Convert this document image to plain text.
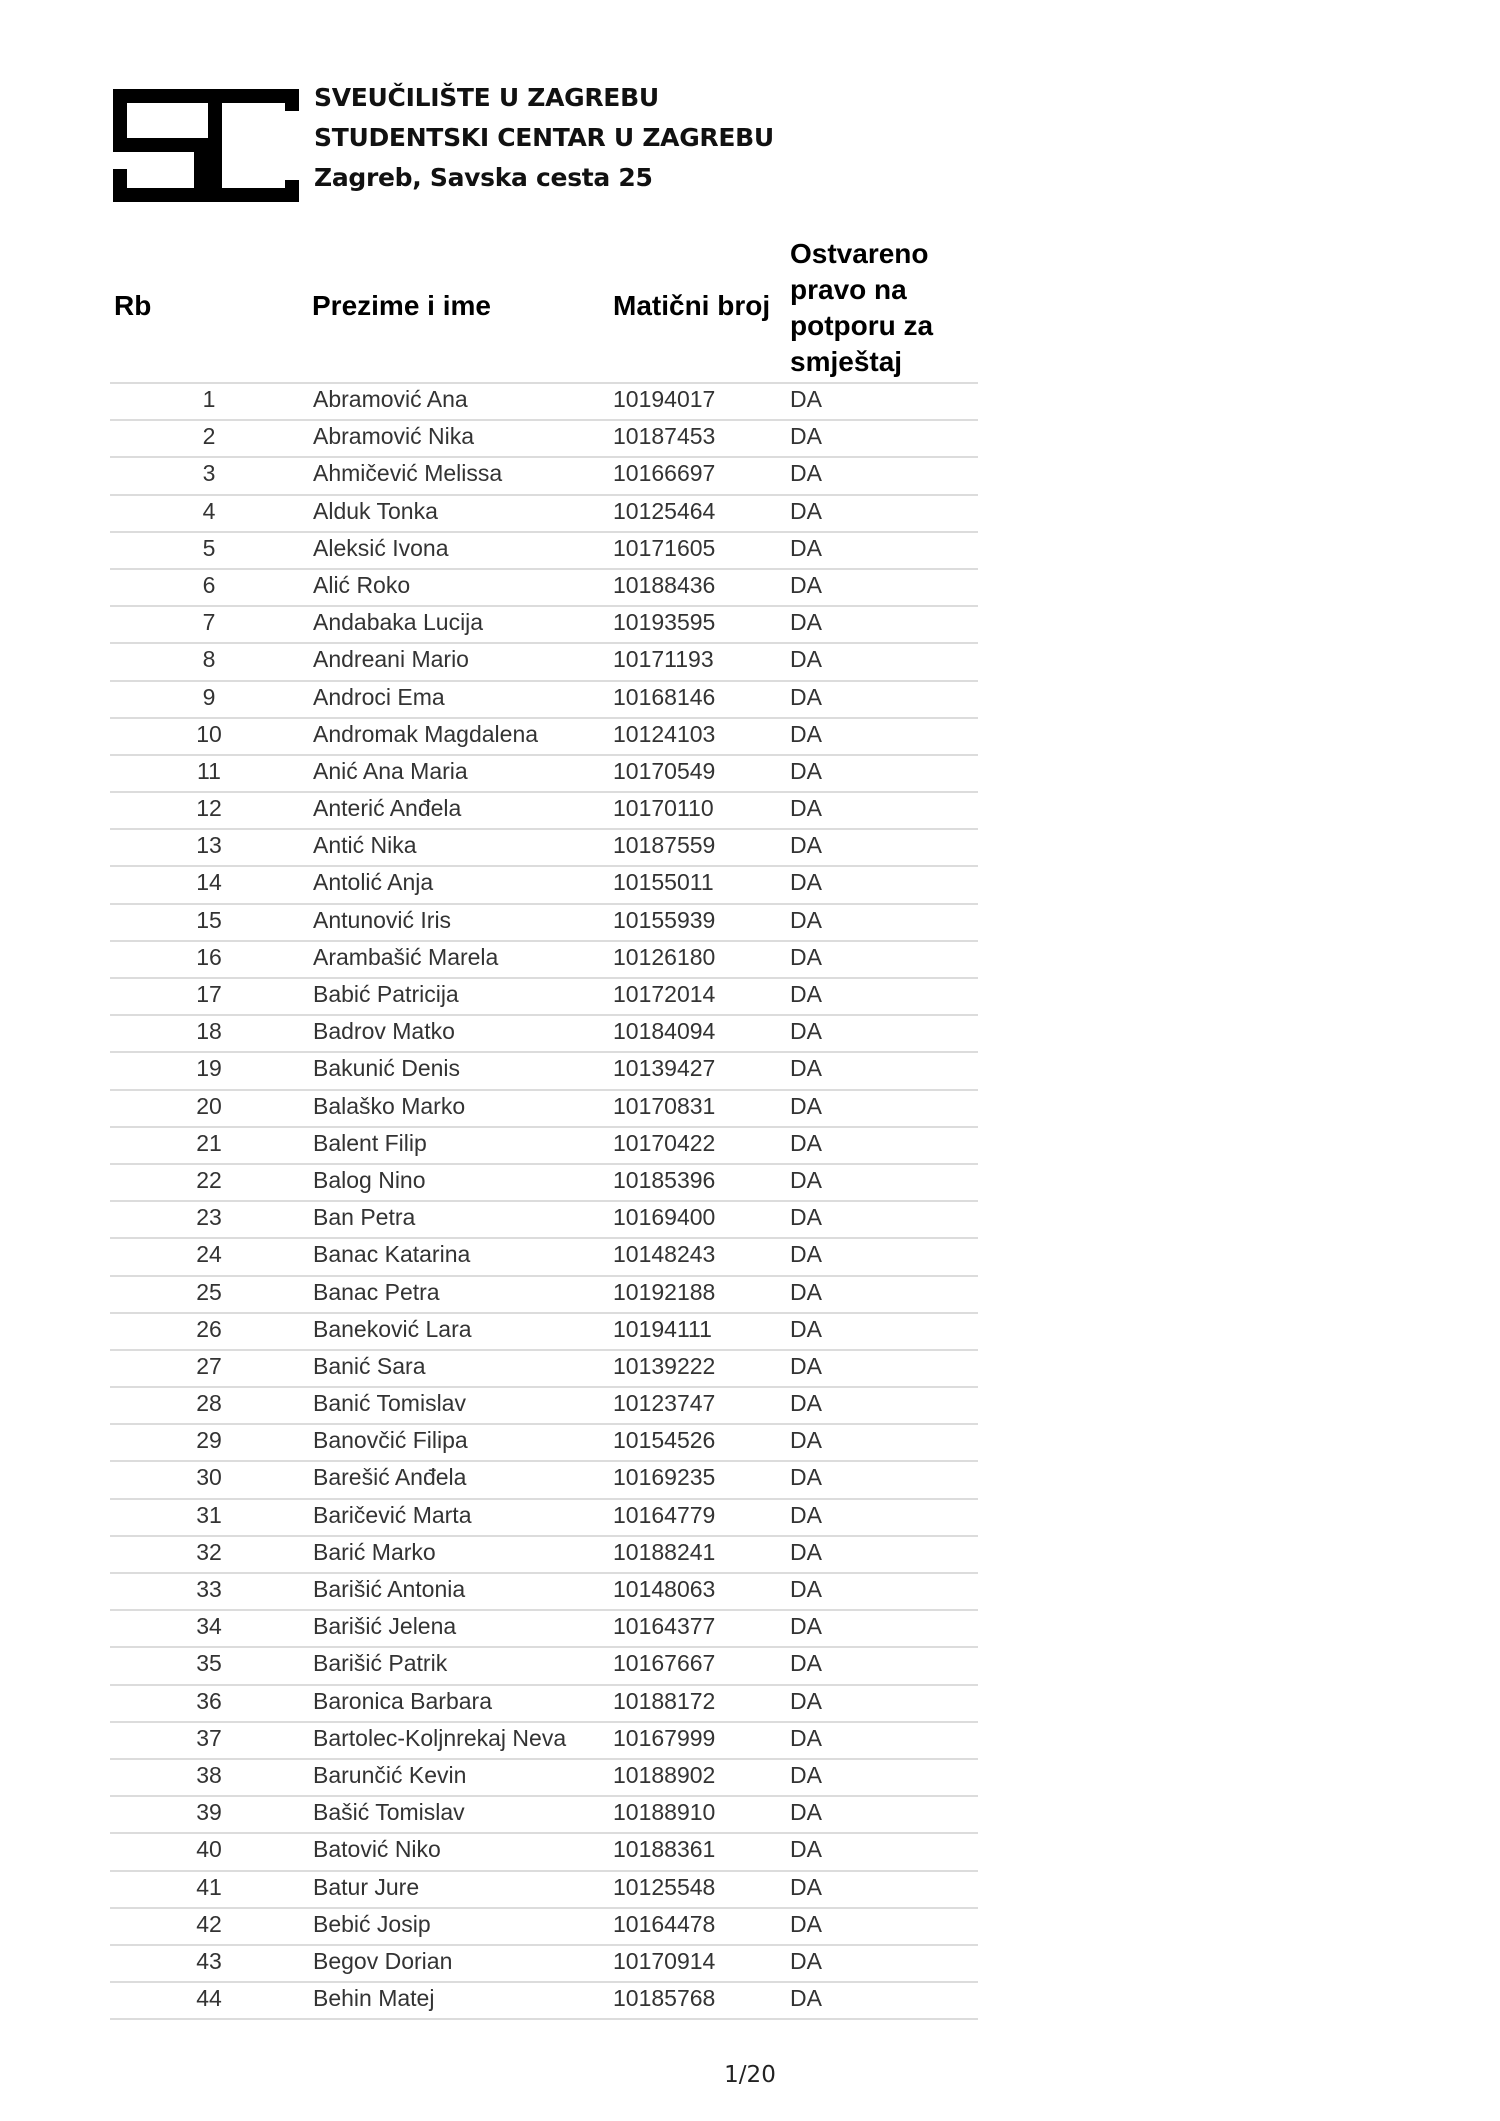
SVEUČILIŠTE U ZAGREBU
STUDENTSKI CENTAR U ZAGREBU
Zagreb, Savska cesta 25
Rb	Prezime i ime	Matični broj
Ostvareno
pravo na
potporu za
smještaj
1	Abramović Ana	10194017	DA
2	Abramović Nika	10187453	DA
3	Ahmičević Melissa	10166697	DA
4	Alduk Tonka	10125464	DA
5	Aleksić Ivona	10171605	DA
6	Alić Roko	10188436	DA
7	Andabaka Lucija	10193595	DA
8	Andreani Mario	10171193	DA
9	Androci Ema	10168146	DA
10	Andromak Magdalena	10124103	DA
11	Anić Ana Maria	10170549	DA
12	Anterić Anđela	10170110	DA
13	Antić Nika	10187559	DA
14	Antolić Anja	10155011	DA
15	Antunović Iris	10155939	DA
16	Arambašić Marela	10126180	DA
17	Babić Patricija	10172014	DA
18	Badrov Matko	10184094	DA
19	Bakunić Denis	10139427	DA
20	Balaško Marko	10170831	DA
21	Balent Filip	10170422	DA
22	Balog Nino	10185396	DA
23	Ban Petra	10169400	DA
24	Banac Katarina	10148243	DA
25	Banac Petra	10192188	DA
26	Baneković Lara	10194111	DA
27	Banić Sara	10139222	DA
28	Banić Tomislav	10123747	DA
29	Banovčić Filipa	10154526	DA
30	Barešić Anđela	10169235	DA
31	Baričević Marta	10164779	DA
32	Barić Marko	10188241	DA
33	Barišić Antonia	10148063	DA
34	Barišić Jelena	10164377	DA
35	Barišić Patrik	10167667	DA
36	Baronica Barbara	10188172	DA
37	Bartolec-Koljnrekaj Neva 10167999	DA
38	Barunčić Kevin	10188902	DA
39	Bašić Tomislav	10188910	DA
40	Batović Niko	10188361	DA
41	Batur Jure	10125548	DA
42	Bebić Josip	10164478	DA
43	Begov Dorian	10170914	DA
44	Behin Matej	10185768	DA
1/20
